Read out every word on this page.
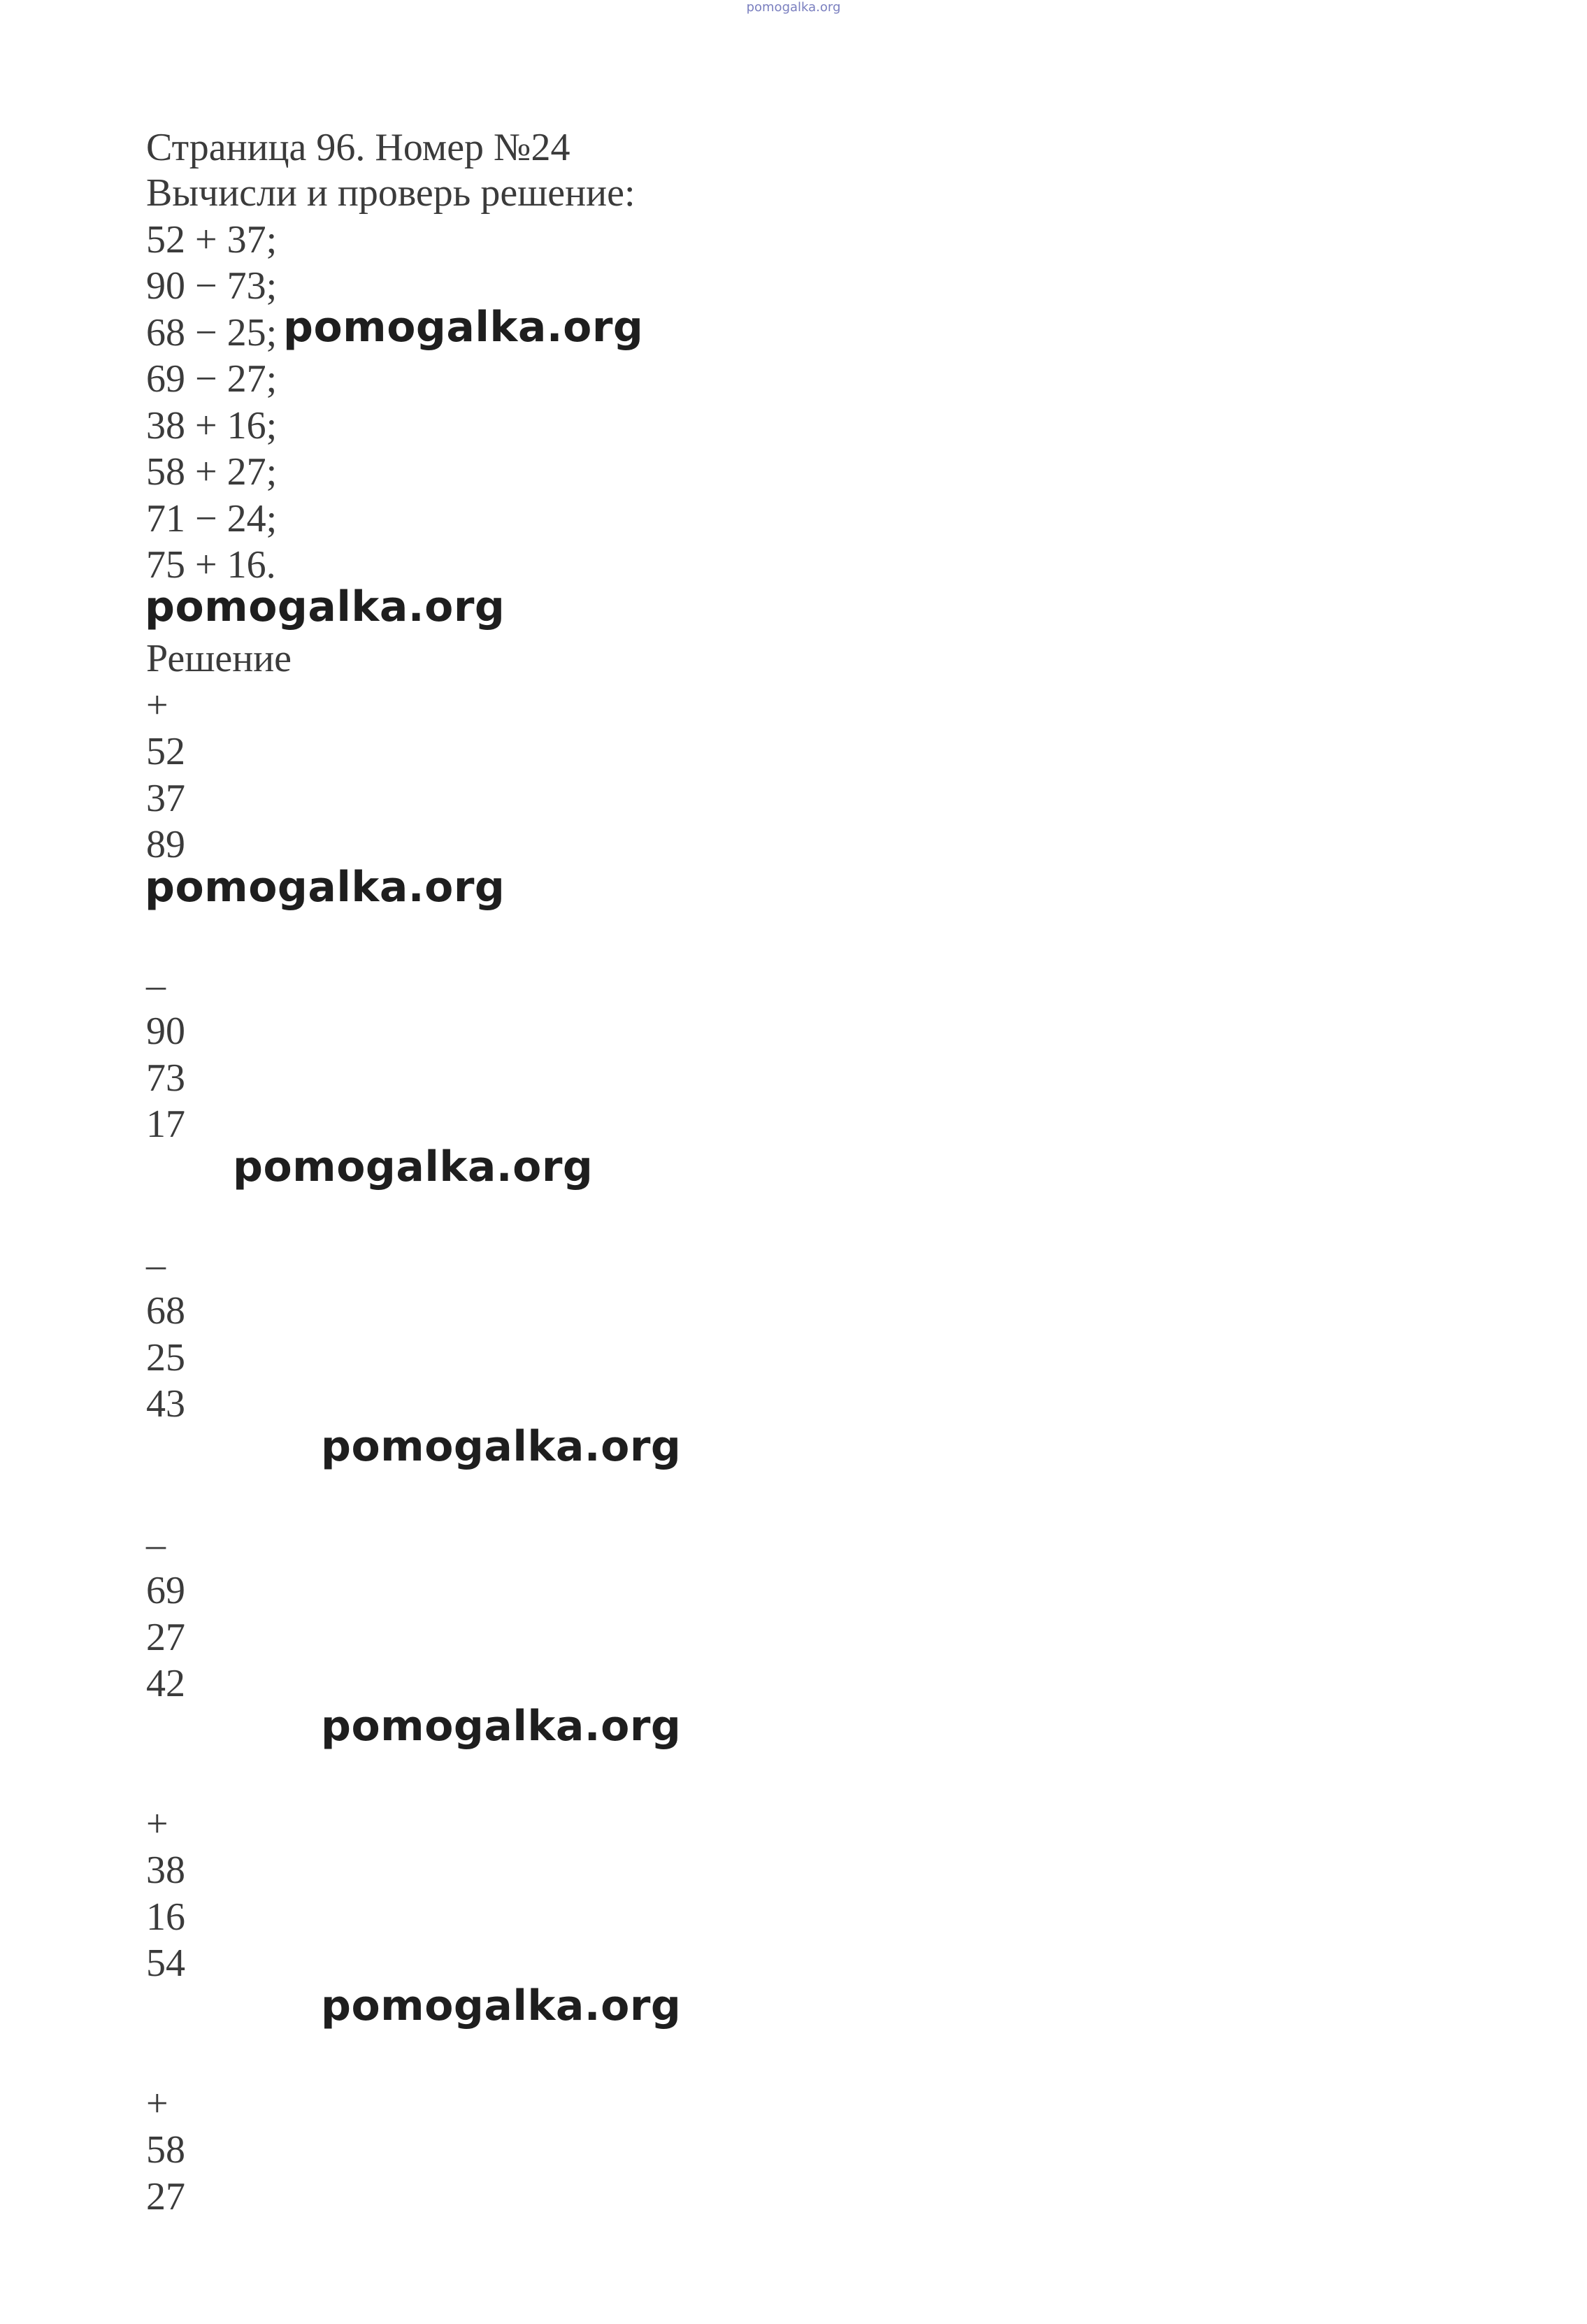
pomogalka.org

Страница 96. Номер №24

Вычисли и проверь решение:

52 + 37;

90 − 73;

68 − 25; pomogalka.org

69 − 27;

38 + 16;

58 + 27;

71 − 24;

75 + 16.

pomogalka.org

Решение

+

52

37

89

pomogalka.org

–

90

73

17

pomogalka.org

–

68

25

43

pomogalka.org

–

69

27

42

pomogalka.org

+

38

16

54

pomogalka.org

+

58

27
